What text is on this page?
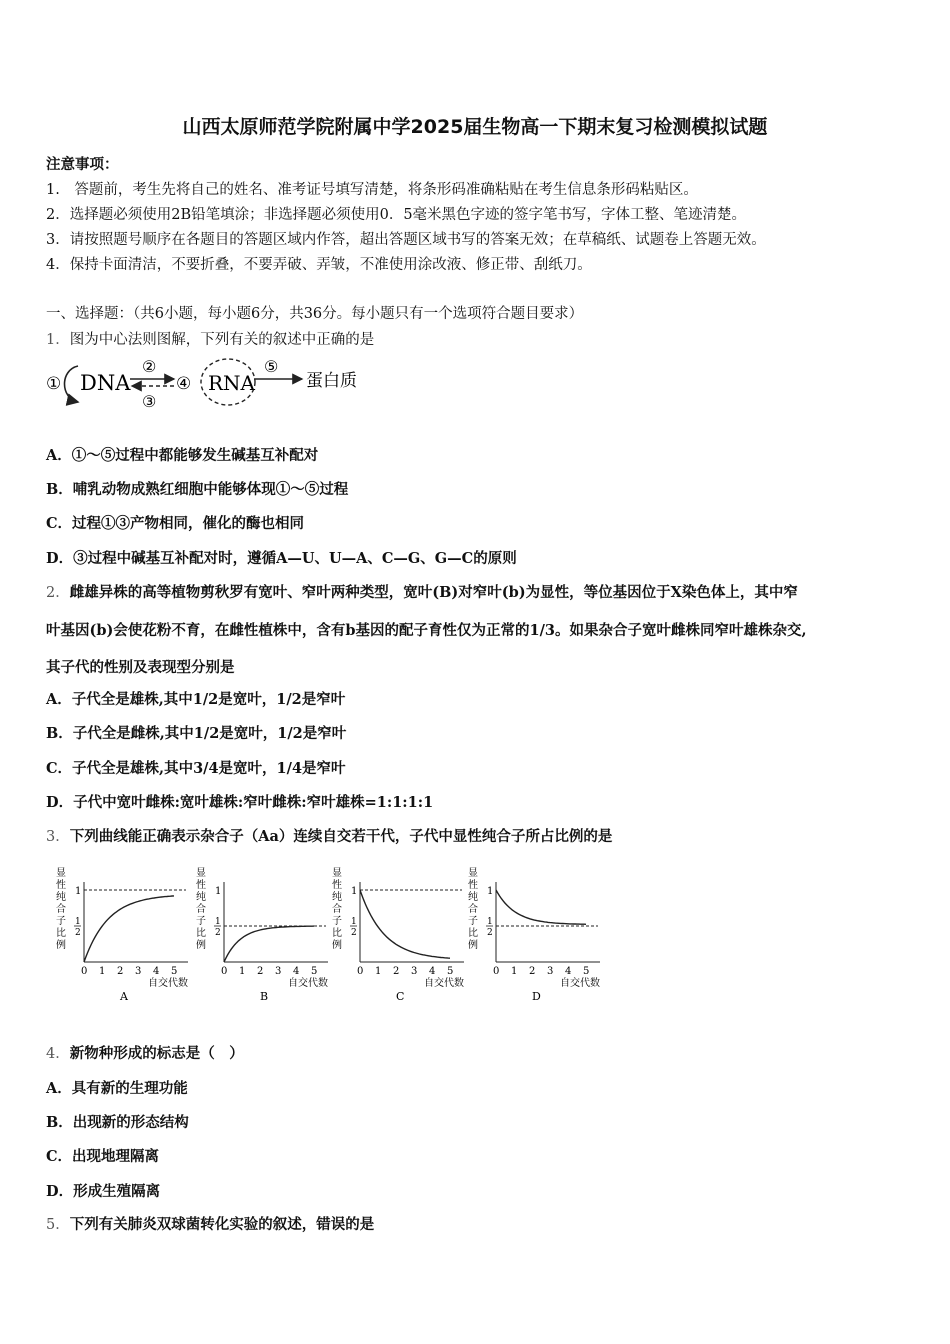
山西太原师范学院附属中学2025届生物高一下期末复习检测模拟试题
注意事项：
1.　答题前，考生先将自己的姓名、准考证号填写清楚，将条形码准确粘贴在考生信息条形码粘贴区。
2．选择题必须使用2B铅笔填涂；非选择题必须使用0．5毫米黑色字迹的签字笔书写，字体工整、笔迹清楚。
3．请按照题号顺序在各题目的答题区域内作答，超出答题区域书写的答案无效；在草稿纸、试题卷上答题无效。
4．保持卡面清洁，不要折叠，不要弄破、弄皱，不准使用涂改液、修正带、刮纸刀。
一、选择题：（共6小题，每小题6分，共36分。每小题只有一个选项符合题目要求）
1．图为中心法则图解，下列有关的叙述中正确的是
① DNA
②
③
④ RNA
⑤
蛋白质
A．①～⑤过程中都能够发生碱基互补配对
B．哺乳动物成熟红细胞中能够体现①～⑤过程
C．过程①③产物相同，催化的酶也相同
D．③过程中碱基互补配对时，遵循A—U、U—A、C—G、G—C的原则
2．雌雄异株的高等植物剪秋罗有宽叶、窄叶两种类型，宽叶(B)对窄叶(b)为显性，等位基因位于X染色体上，其中窄
叶基因(b)会使花粉不育，在雌性植株中，含有b基因的配子育性仅为正常的1/3。如果杂合子宽叶雌株同窄叶雄株杂交,
其子代的性别及表现型分别是
A．子代全是雄株,其中1/2是宽叶，1/2是窄叶
B．子代全是雌株,其中1/2是宽叶，1/2是窄叶
C．子代全是雄株,其中3/4是宽叶，1/4是窄叶
D．子代中宽叶雌株:宽叶雄株:窄叶雌株:窄叶雄株=1:1:1:1
3．下列曲线能正确表示杂合子（Aa）连续自交若干代，子代中显性纯合子所占比例的是
显
性
纯
合
子
比
例
1
1
2
0 1 2 3 4 5
自交代数
A
显
性
纯
合
子
比
例
1
1
2
0 1 2 3 4 5
自交代数
B
显
性
纯
合
子
比
例
1
1
2
0 1 2 3 4 5
自交代数
C
显
性
纯
合
子
比
例
1
1
2
0 1 2 3 4 5
自交代数
D
4．新物种形成的标志是（　）
A．具有新的生理功能
B．出现新的形态结构
C．出现地理隔离
D．形成生殖隔离
5．下列有关肺炎双球菌转化实验的叙述，错误的是
